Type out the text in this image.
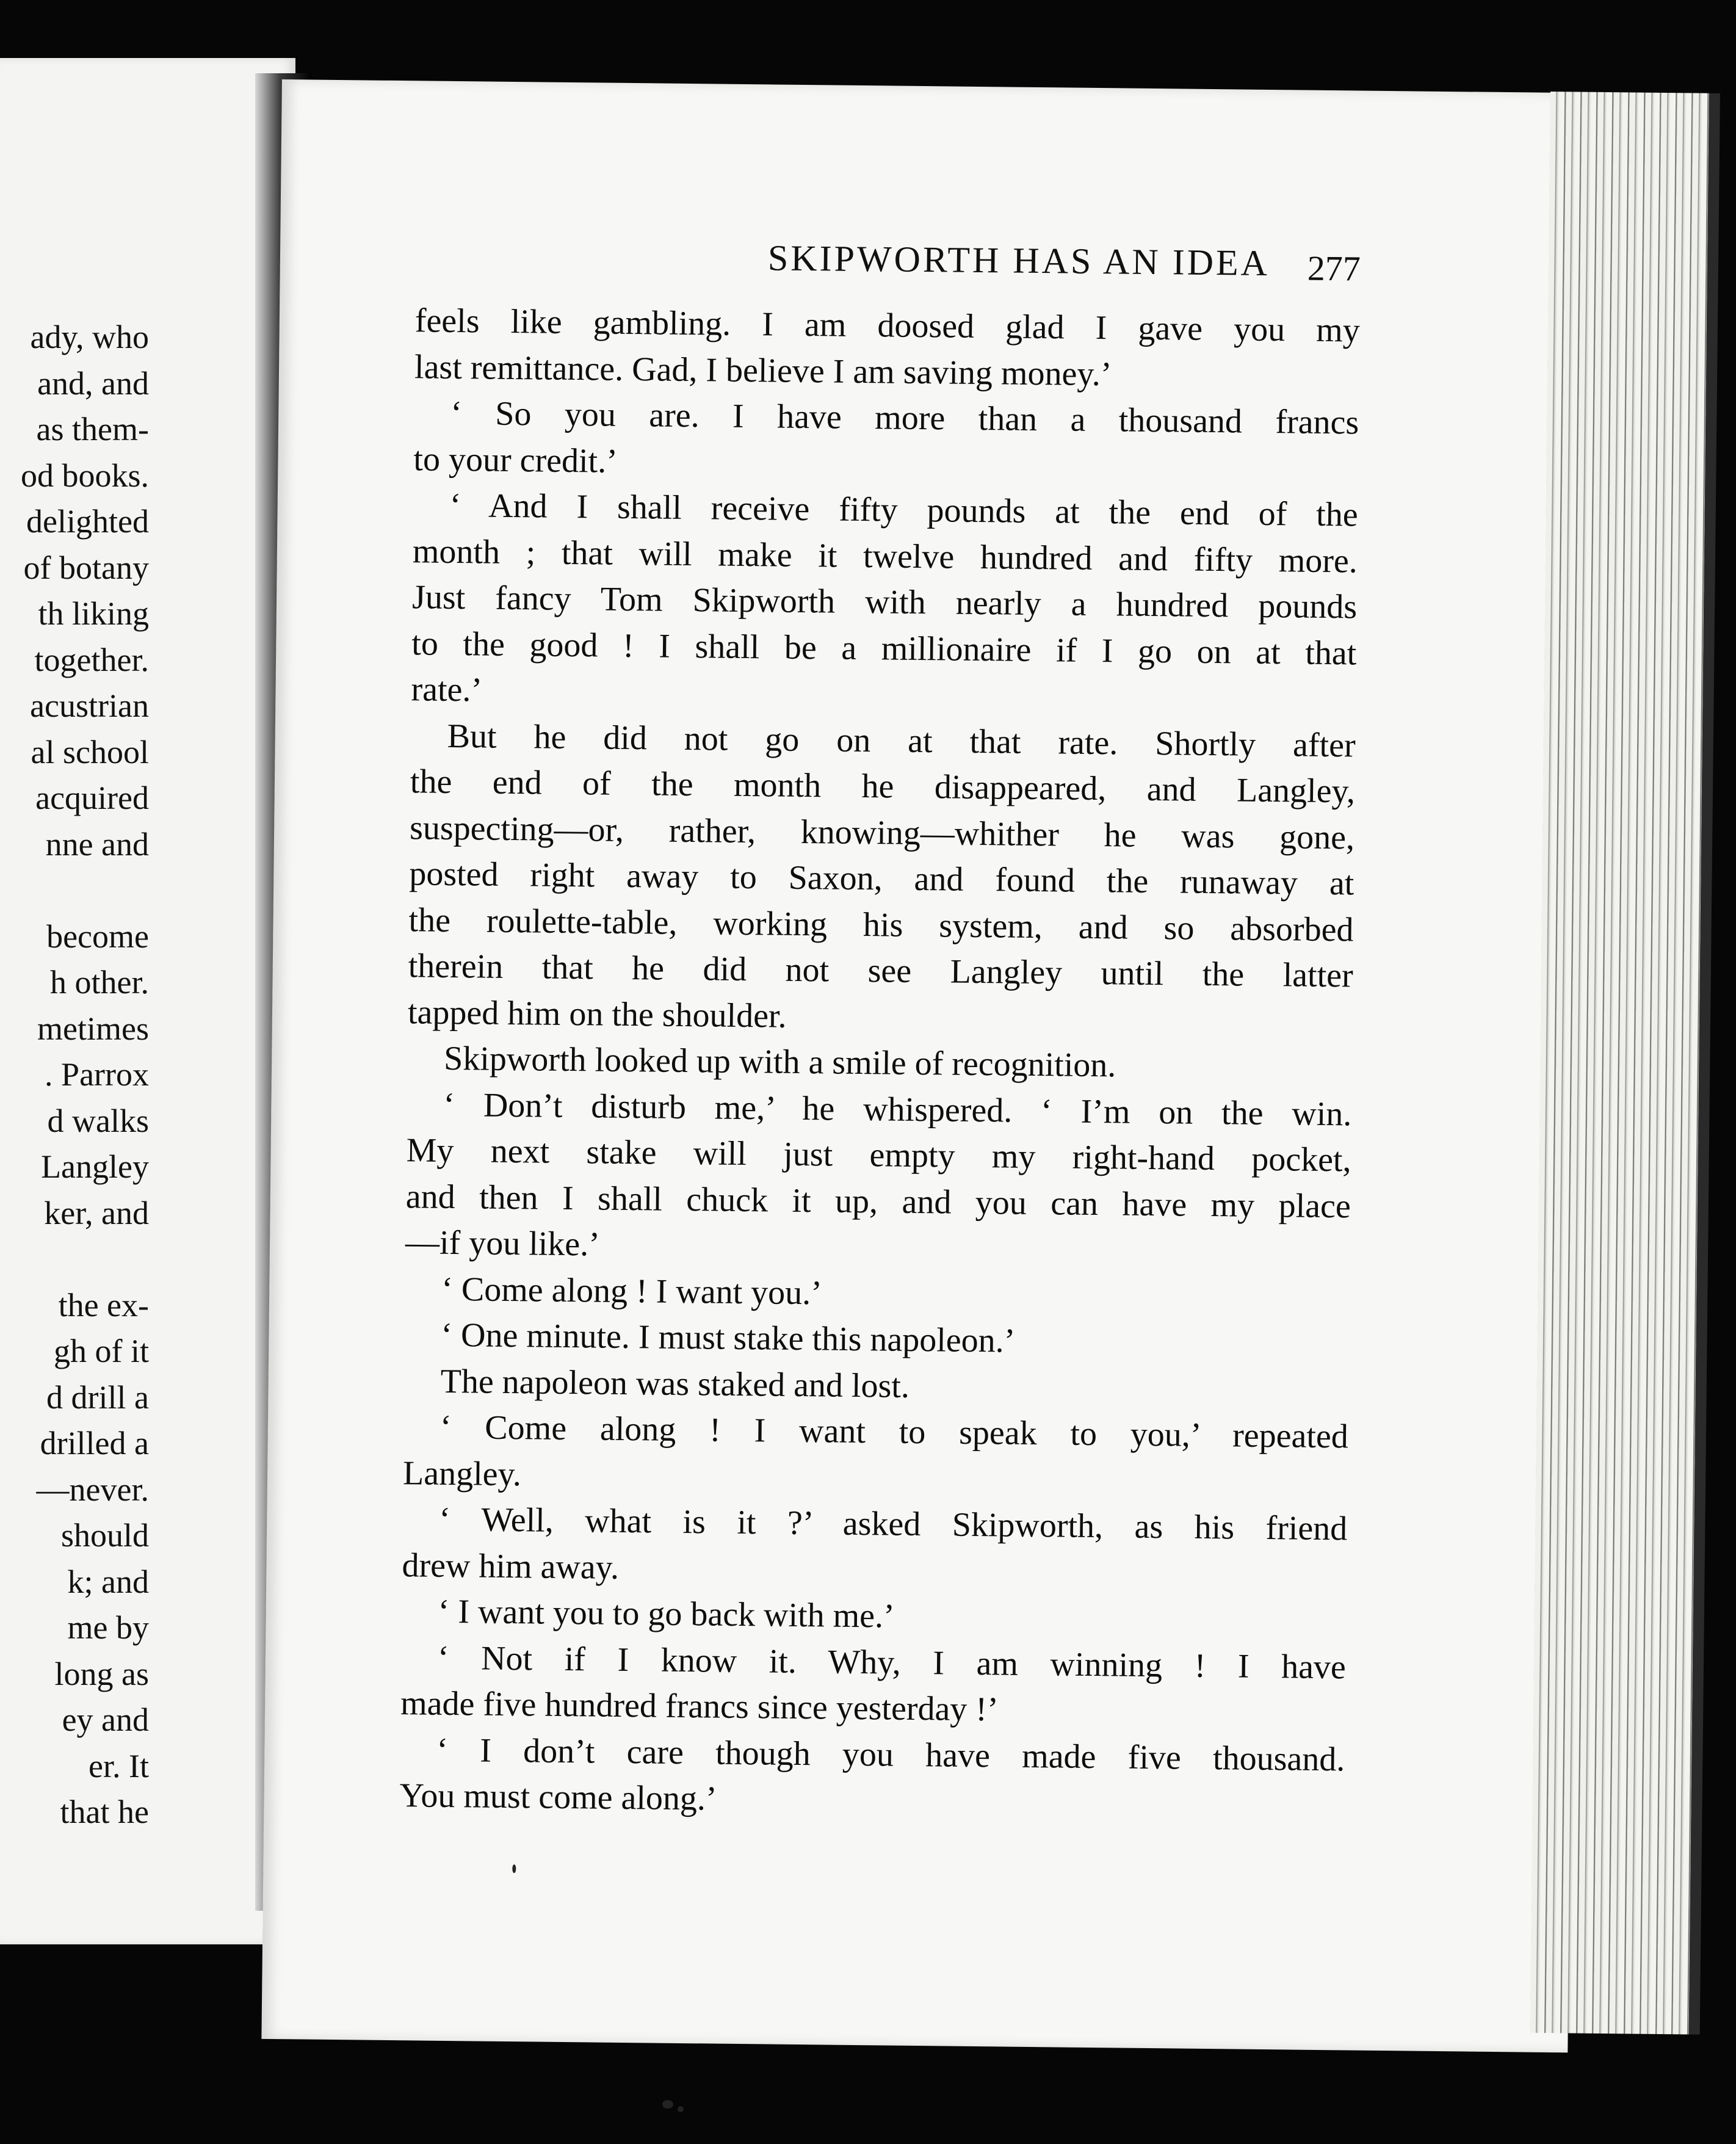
ady, who
and, and
as them-
od books.
delighted
of botany
th liking
together.
acustrian
al school
acquired
nne and
become
h other.
metimes
. Parrox
d walks
Langley
ker, and
the ex-
gh of it
d drill a
drilled a
—never.
should
k; and
me by
long as
ey and
er. It
that he
SKIPWORTH HAS AN IDEA	277
feels like gambling. I am doosed glad I gave you my
last remittance. Gad, I believe I am saving money.’
‘ So you are. I have more than a thousand francs
to your credit.’
‘ And I shall receive fifty pounds at the end of the
month ; that will make it twelve hundred and fifty more.
Just fancy Tom Skipworth with nearly a hundred pounds
to the good ! I shall be a millionaire if I go on at that
rate.’
But he did not go on at that rate. Shortly after
the end of the month he disappeared, and Langley,
suspecting—or, rather, knowing—whither he was gone,
posted right away to Saxon, and found the runaway at
the roulette-table, working his system, and so absorbed
therein that he did not see Langley until the latter
tapped him on the shoulder.
Skipworth looked up with a smile of recognition.
‘ Don’t disturb me,’ he whispered. ‘ I’m on the win.
My next stake will just empty my right-hand pocket,
and then I shall chuck it up, and you can have my place
—if you like.’
‘ Come along ! I want you.’
‘ One minute. I must stake this napoleon.’
The napoleon was staked and lost.
‘ Come along ! I want to speak to you,’ repeated
Langley.
‘ Well, what is it ?’ asked Skipworth, as his friend
drew him away.
‘ I want you to go back with me.’
‘ Not if I know it. Why, I am winning ! I have
made five hundred francs since yesterday !’
‘ I don’t care though you have made five thousand.
You must come along.’
